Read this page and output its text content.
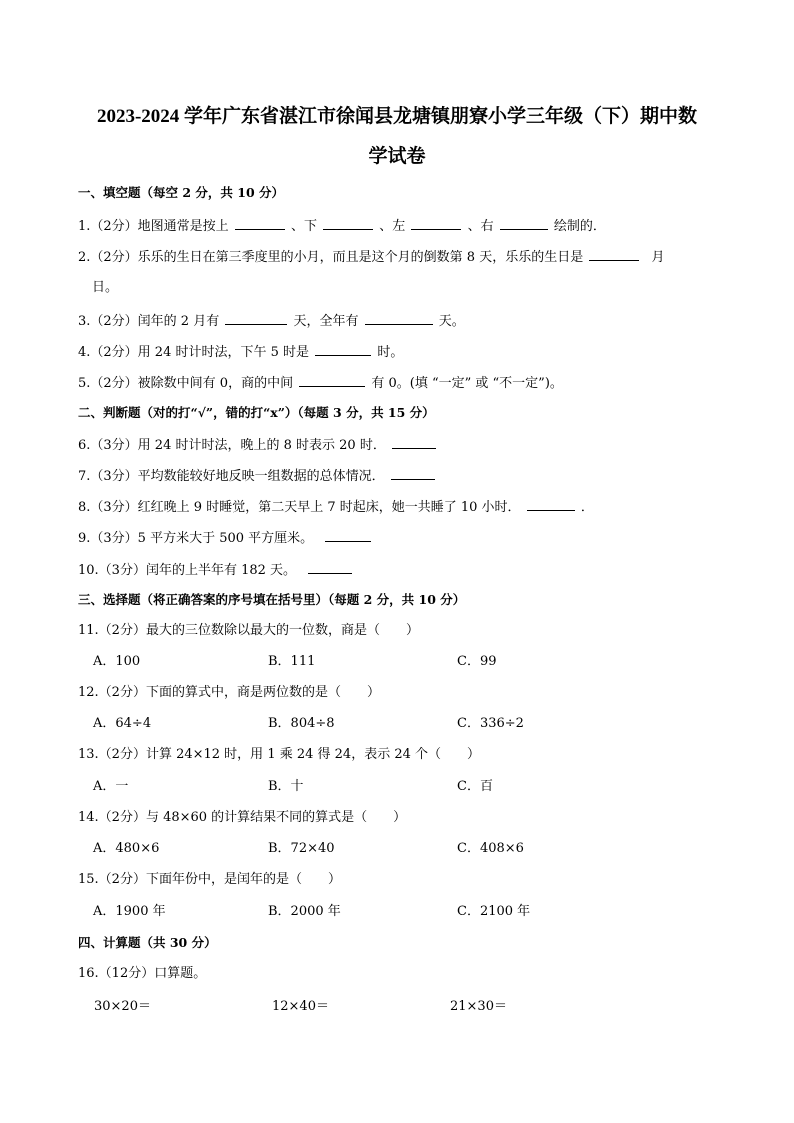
2023-2024 学年广东省湛江市徐闻县龙塘镇朋寮小学三年级（下）期中数
学试卷
一、填空题（每空 2 分，共 10 分）
1.（2分）地图通常是按上	、下	、左	、右	绘制的．
2.（2分）乐乐的生日在第三季度里的小月，而且是这个月的倒数第 8 天，乐乐的生日是	月
日。
3.（2分）闰年的 2 月有	天，全年有	天。
4.（2分）用 24 时计时法，下午 5 时是	时。
5.（2分）被除数中间有 0，商的中间	有 0。(填 “一定” 或 “不一定”)。
二、判断题（对的打“√”，错的打“x”）（每题 3 分，共 15 分）
6.（3分）用 24 时计时法，晚上的 8 时表示 20 时．
7.（3分）平均数能较好地反映一组数据的总体情况．
8.（3分）红红晚上 9 时睡觉，第二天早上 7 时起床，她一共睡了 10 小时．	．
9.（3分）5 平方米大于 500 平方厘米。
10.（3分）闰年的上半年有 182 天。
三、选择题（将正确答案的序号填在括号里）（每题 2 分，共 10 分）
11.（2分）最大的三位数除以最大的一位数，商是（　　）
A．100	B．111	C．99
12.（2分）下面的算式中，商是两位数的是（　　）
A．64÷4	B．804÷8	C．336÷2
13.（2分）计算 24×12 时，用 1 乘 24 得 24，表示 24 个（　　）
A．一	B．十	C．百
14.（2分）与 48×60 的计算结果不同的算式是（　　）
A．480×6	B．72×40	C．408×6
15.（2分）下面年份中，是闰年的是（　　）
A．1900 年	B．2000 年	C．2100 年
四、计算题（共 30 分）
16.（12分）口算题。
30×20＝	12×40＝	21×30＝
